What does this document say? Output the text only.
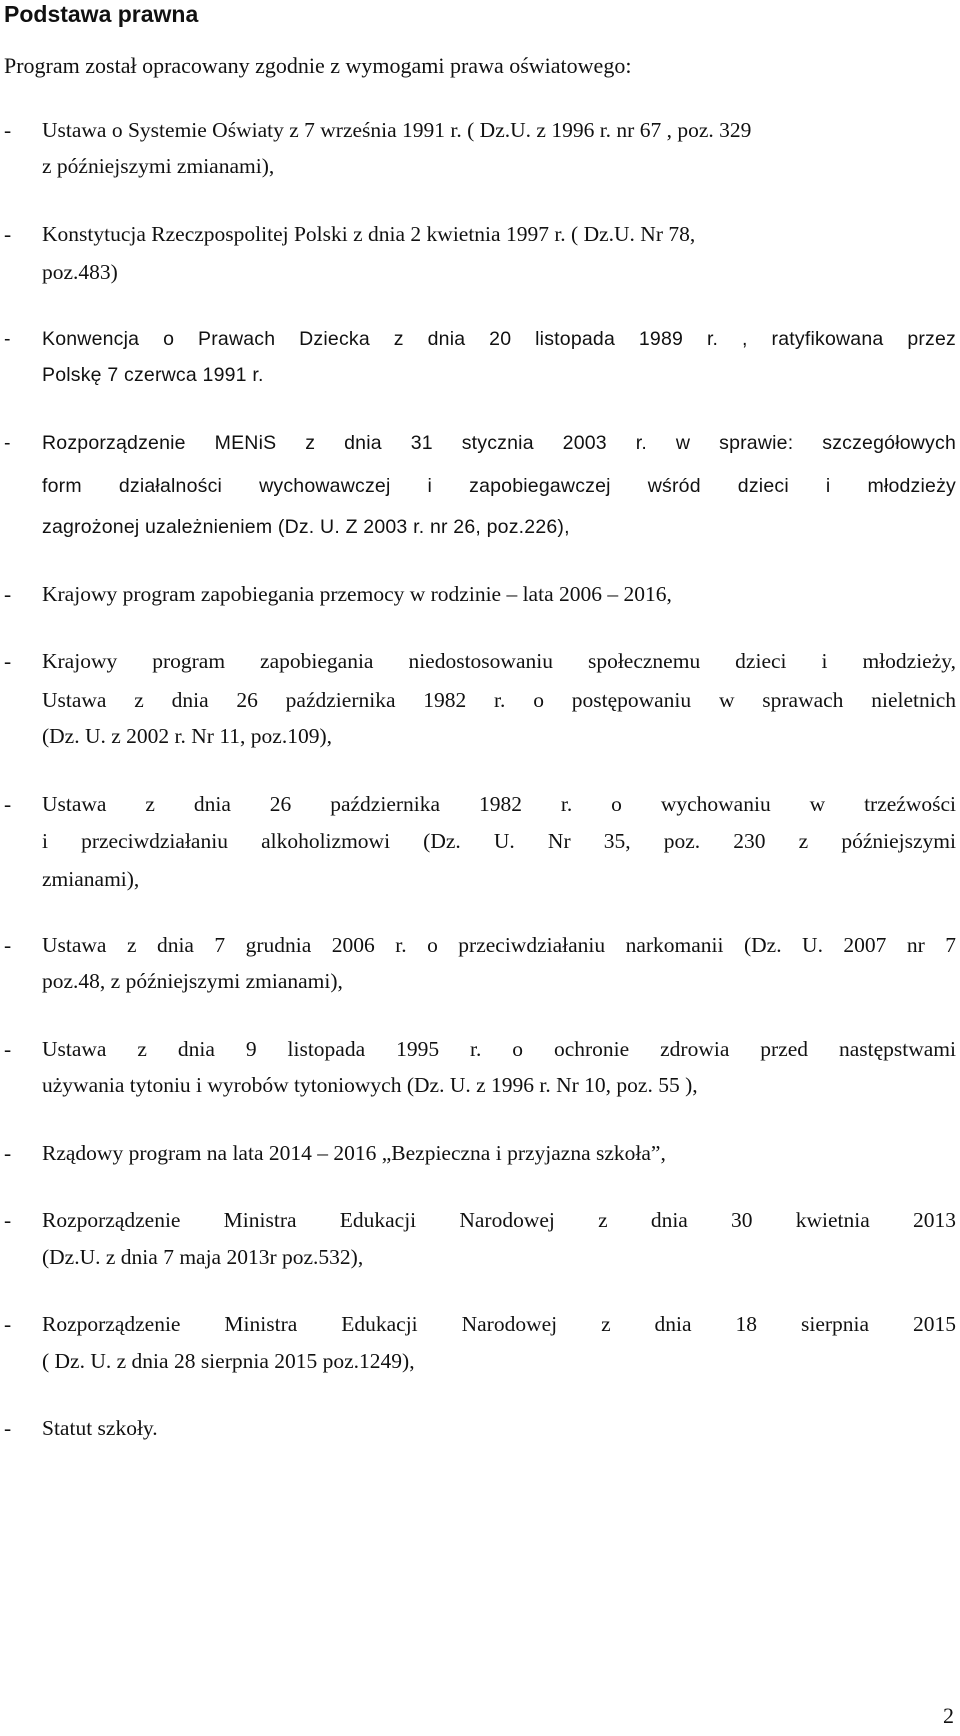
Podstawa prawna

Program został opracowany zgodnie z wymogami prawa oświatowego:

- Ustawa o Systemie Oświaty z 7 września 1991 r. ( Dz.U. z 1996 r. nr 67 , poz. 329
z późniejszymi zmianami),
- Konstytucja Rzeczpospolitej Polski z dnia 2 kwietnia 1997 r. ( Dz.U. Nr 78,
poz.483)
- Konwencja o Prawach Dziecka z dnia 20 listopada 1989 r. , ratyfikowana przez
Polskę 7 czerwca 1991 r.
- Rozporządzenie MENiS z dnia 31 stycznia 2003 r. w sprawie: szczegółowych
form działalności wychowawczej i zapobiegawczej wśród dzieci i młodzieży
zagrożonej uzależnieniem (Dz. U. Z 2003 r. nr 26, poz.226),
- Krajowy program zapobiegania przemocy w rodzinie – lata 2006 – 2016,
- Krajowy program zapobiegania niedostosowaniu społecznemu dzieci i młodzieży,
Ustawa z dnia 26 października 1982 r. o postępowaniu w sprawach nieletnich
(Dz. U. z 2002 r. Nr 11, poz.109),
- Ustawa z dnia 26 października 1982 r. o wychowaniu w trzeźwości
i przeciwdziałaniu alkoholizmowi (Dz. U. Nr 35, poz. 230 z późniejszymi
zmianami),
- Ustawa z dnia 7 grudnia 2006 r. o przeciwdziałaniu narkomanii (Dz. U. 2007 nr 7
poz.48, z późniejszymi zmianami),
- Ustawa z dnia 9 listopada 1995 r. o ochronie zdrowia przed następstwami
używania tytoniu i wyrobów tytoniowych (Dz. U. z 1996 r. Nr 10, poz. 55 ),
- Rządowy program na lata 2014 – 2016 „Bezpieczna i przyjazna szkoła”,
- Rozporządzenie Ministra Edukacji Narodowej z dnia 30 kwietnia 2013
(Dz.U. z dnia 7 maja 2013r poz.532),
- Rozporządzenie Ministra Edukacji Narodowej z dnia 18 sierpnia 2015
( Dz. U. z dnia 28 sierpnia 2015 poz.1249),
- Statut szkoły.
2
